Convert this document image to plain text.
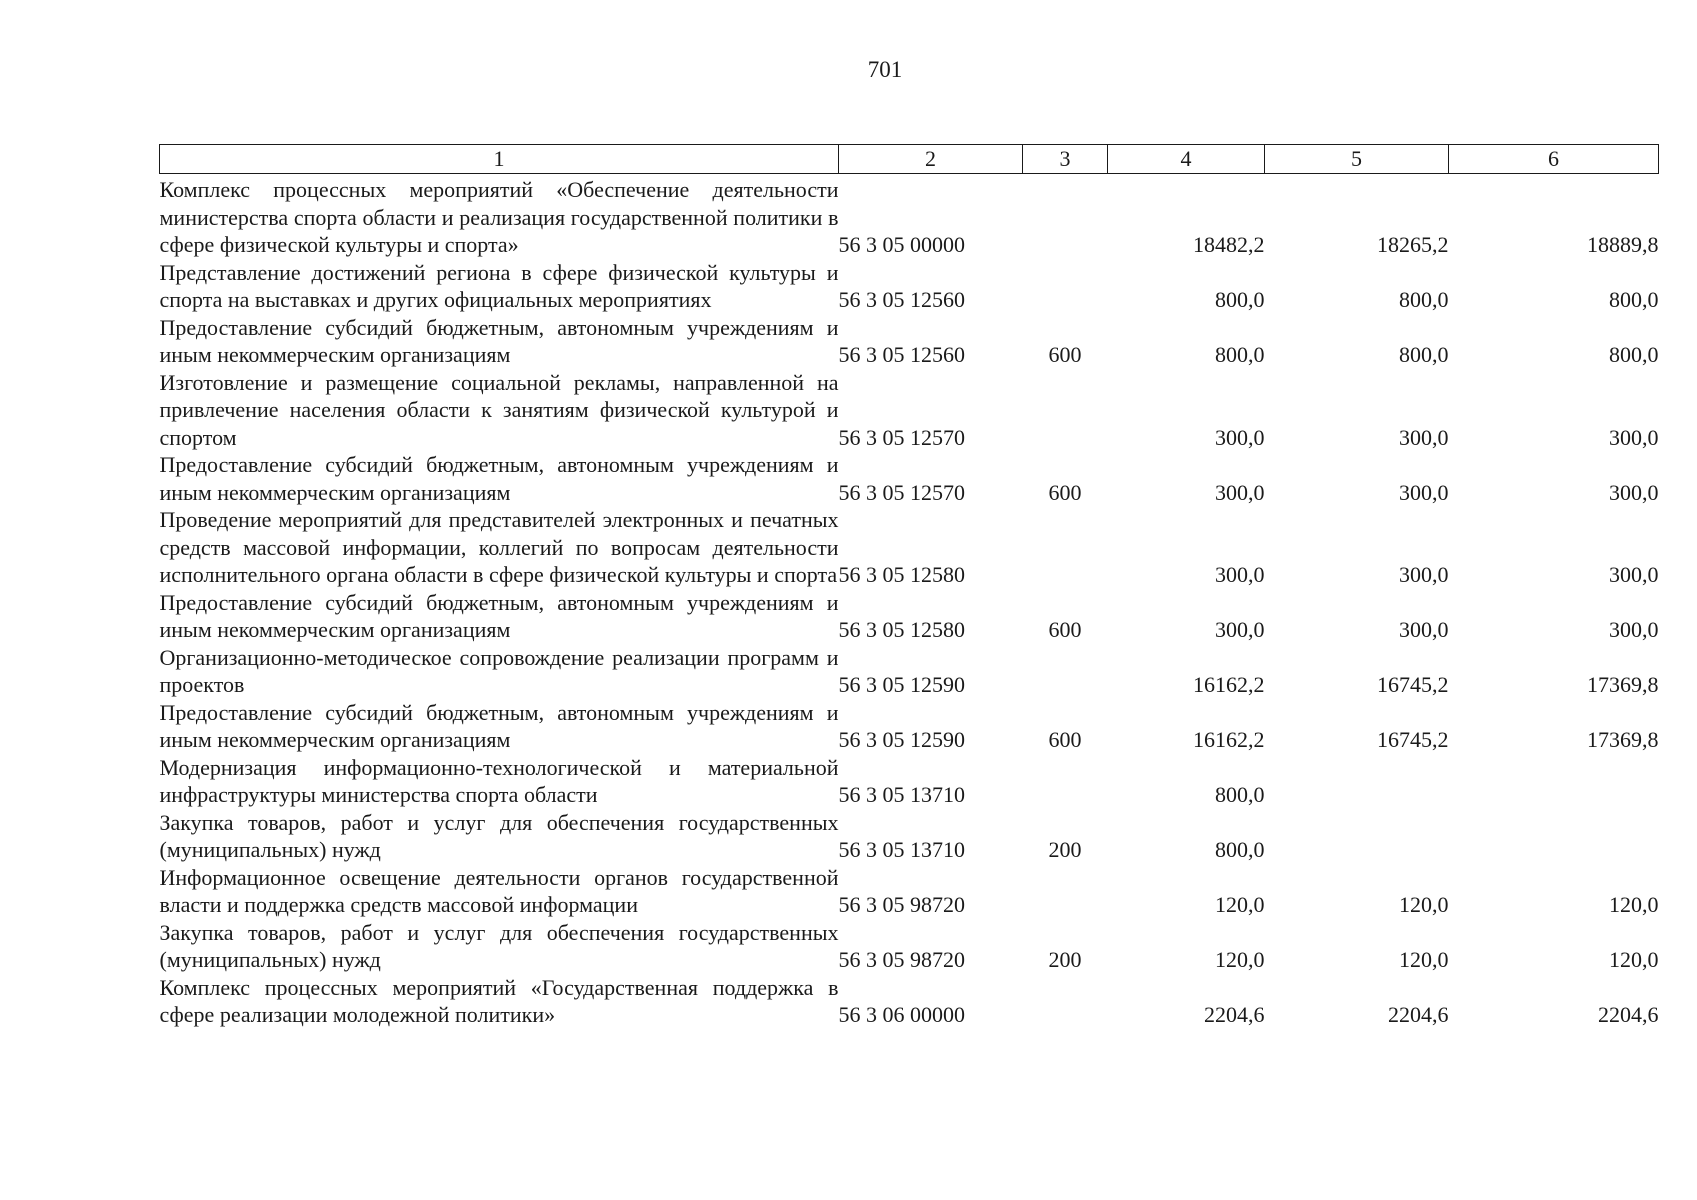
701
1	2	3	4	5	6
Комплекс процессных мероприятий «Обеспечение деятельности министерства спорта области и реализация государственной политики в сфере физической культуры и спорта»	56 3 05 00000		18482,2	18265,2	18889,8
Представление достижений региона в сфере физической культуры и спорта на выставках и других официальных мероприятиях	56 3 05 12560		800,0	800,0	800,0
Предоставление субсидий бюджетным, автономным учреждениям и иным некоммерческим организациям	56 3 05 12560	600	800,0	800,0	800,0
Изготовление и размещение социальной рекламы, направленной на привлечение населения области к занятиям физической культурой и спортом	56 3 05 12570		300,0	300,0	300,0
Предоставление субсидий бюджетным, автономным учреждениям и иным некоммерческим организациям	56 3 05 12570	600	300,0	300,0	300,0
Проведение мероприятий для представителей электронных и печатных средств массовой информации, коллегий по вопросам деятельности исполнительного органа области в сфере физической культуры и спорта	56 3 05 12580		300,0	300,0	300,0
Предоставление субсидий бюджетным, автономным учреждениям и иным некоммерческим организациям	56 3 05 12580	600	300,0	300,0	300,0
Организационно-методическое сопровождение реализации программ и проектов	56 3 05 12590		16162,2	16745,2	17369,8
Предоставление субсидий бюджетным, автономным учреждениям и иным некоммерческим организациям	56 3 05 12590	600	16162,2	16745,2	17369,8
Модернизация информационно-технологической и материальной инфраструктуры министерства спорта области	56 3 05 13710		800,0		
Закупка товаров, работ и услуг для обеспечения государственных (муниципальных) нужд	56 3 05 13710	200	800,0		
Информационное освещение деятельности органов государственной власти и поддержка средств массовой информации	56 3 05 98720		120,0	120,0	120,0
Закупка товаров, работ и услуг для обеспечения государственных (муниципальных) нужд	56 3 05 98720	200	120,0	120,0	120,0
Комплекс процессных мероприятий «Государственная поддержка в сфере реализации молодежной политики»	56 3 06 00000		2204,6	2204,6	2204,6
